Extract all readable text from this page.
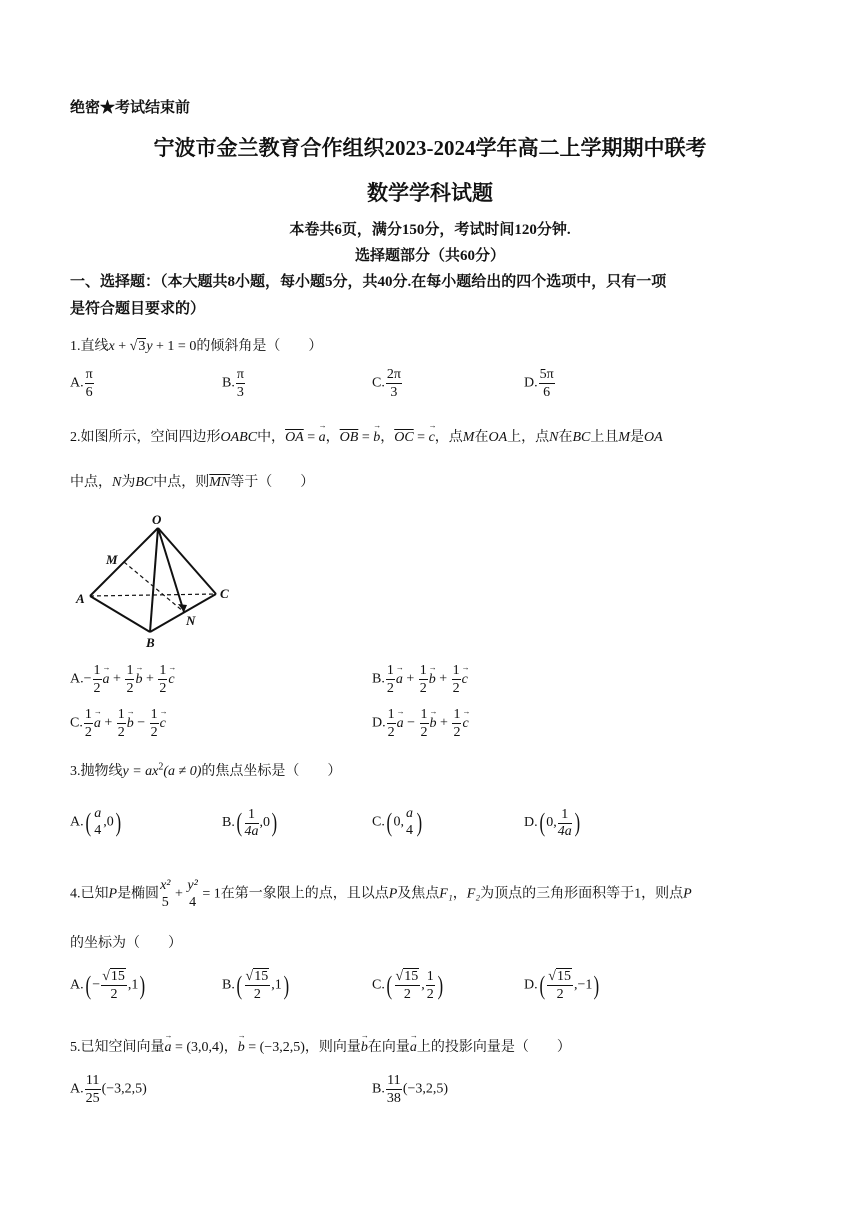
绝密★考试结束前
宁波市金兰教育合作组织2023-2024学年高二上学期期中联考
数学学科试题
本卷共6页，满分150分，考试时间120分钟.
选择题部分（共60分）
一、选择题：（本大题共8小题，每小题5分，共40分.在每小题给出的四个选项中，只有一项
是符合题目要求的）
1.直线x + √3y + 1 = 0的倾斜角是（　　）
A. $\frac{\pi}{6}$	B. $\frac{\pi}{3}$	C. $\frac{2\pi}{3}$	D. $\frac{5\pi}{6}$
2.如图所示，空间四边形OABC中，$\overline{OA}$ = → a，$\overline{OB}$ = → b，$\overline{OC}$ = → c，点M在OA上，点N在BC上且M是OA
中点，N为BC中点，则$\overline{MN}$等于（　　）
O
M
A
B
C
N
$A.- \frac{1}{2} \to a + \frac{1}{2} \to b + \frac{1}{2} \to c$	B. $\frac{1}{2} \to a + \frac{1}{2} \to b + \frac{1}{2} \to c$
C. $\frac{1}{2} \to a + \frac{1}{2} \to b - \frac{1}{2} \to c$	D. $\frac{1}{2} \to a - \frac{1}{2} \to b + \frac{1}{2} \to c$
3.抛物线$y = ax^2(a \ne 0)$的焦点坐标是（　　）
A.( a
4
,0)	$B.( \frac{1}{4a} ,0)$	C.( 0,
a
4 )	D.( 0, $\frac{1}{4a}$ )
4.已知P是椭圆
x²
5
+
y²
4
= 1在第一象限上的点，且以点P及焦点F₁，F₂为顶点的三角形面积等于1，则点P
的坐标为（　　）
$A.( - \frac{√15}{2} ,1)$	$B.( \frac{√15}{2} ,1)$	$C.( \frac{√15}{2}$ , $\frac{1}{2}$ )	$D.( \frac{√15}{2} ,-1)$
5.已知空间向量→ a = (3,0,4)，→ b = (−3,2,5)，则向量→ b在向量→ a上的投影向量是（　　）
A. $\frac{11}{25} (-3,2,5)$	B. $\frac{11}{38} (-3,2,5)$
